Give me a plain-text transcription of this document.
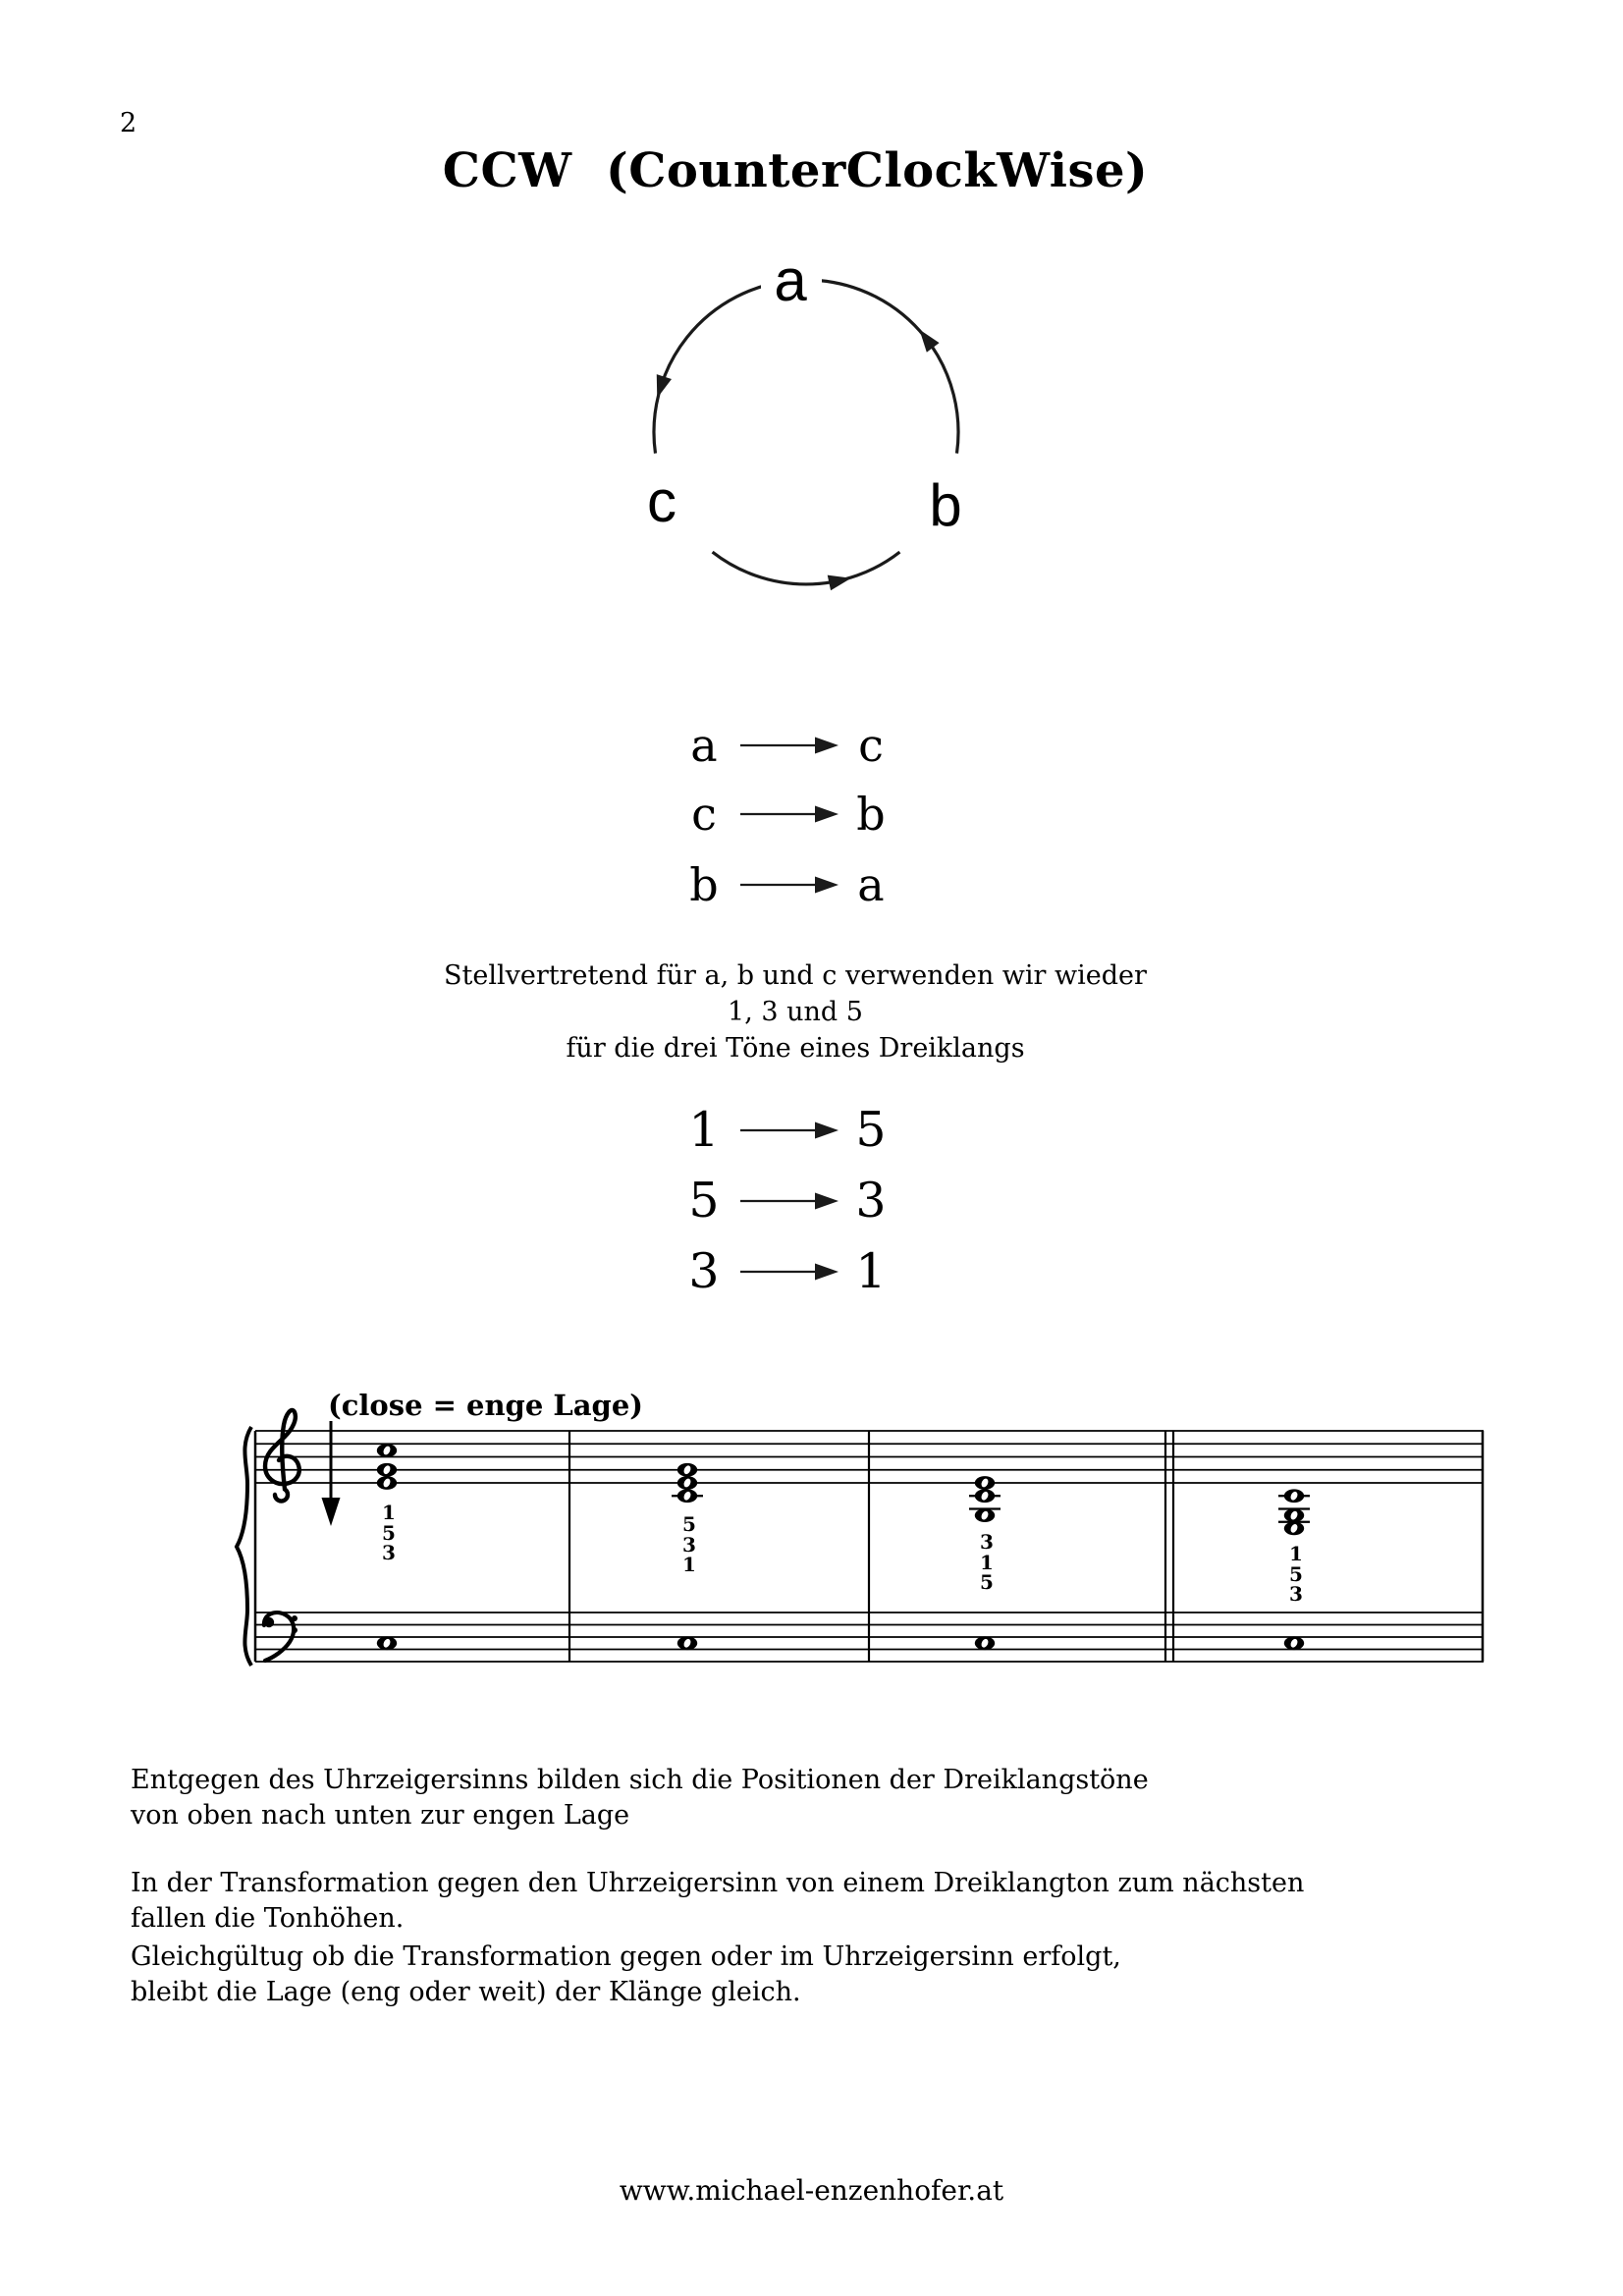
2
CCW  (CounterClockWise)
a
c	b
a	c
c	b
b	a
Stellvertretend für a, b und c verwenden wir wieder
1, 3 und 5
für die drei Töne eines Dreiklangs
1	5
5	3
3	1
(close = enge Lage)
1
5
3
5
3
1
3
1
5
1
5
3
Entgegen des Uhrzeigersinns bilden sich die Positionen der Dreiklangstöne
von oben nach unten zur engen Lage
In der Transformation gegen den Uhrzeigersinn von einem Dreiklangton zum nächsten
fallen die Tonhöhen.
Gleichgültug ob die Transformation gegen oder im Uhrzeigersinn erfolgt,
bleibt die Lage (eng oder weit) der Klänge gleich.
www.michael-enzenhofer.at
